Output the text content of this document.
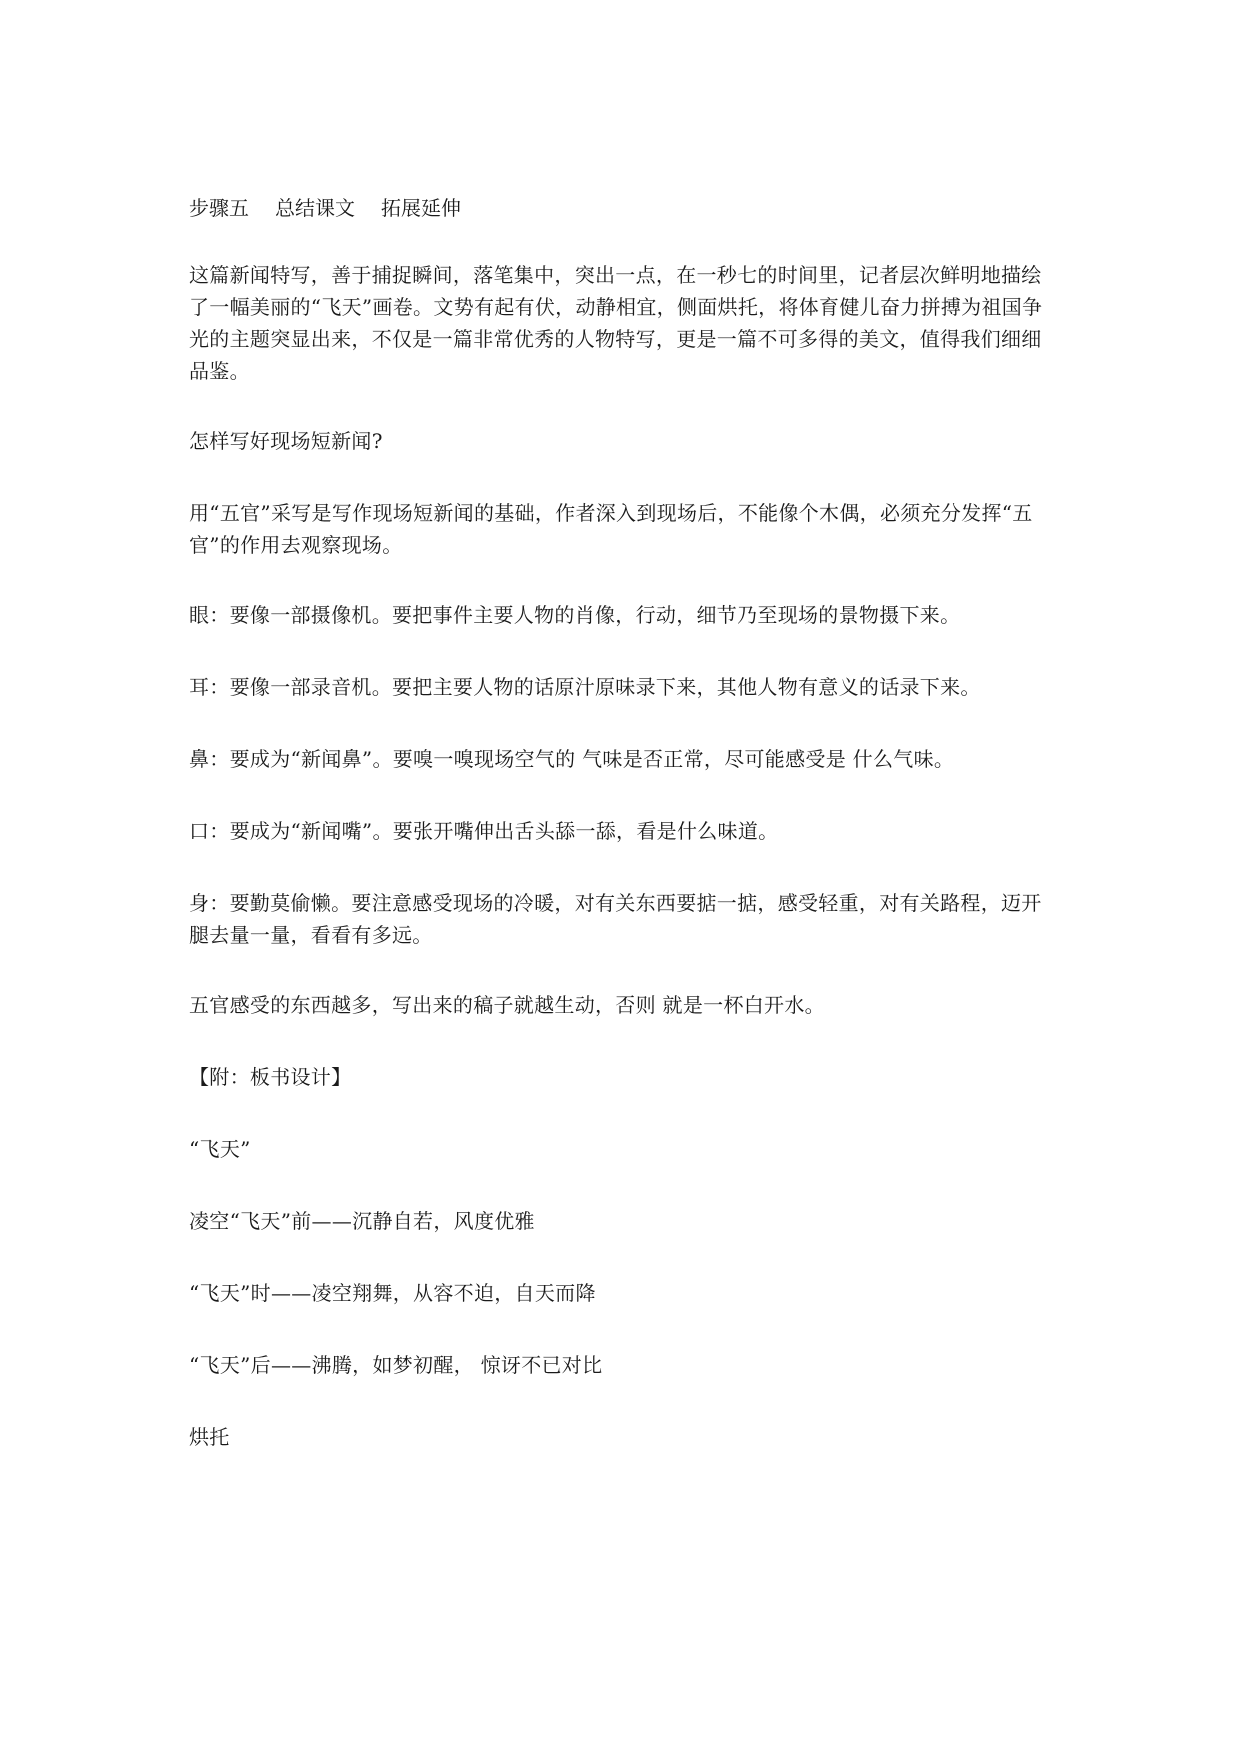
步骤五 总结课文 拓展延伸

这篇新闻特写，善于捕捉瞬间，落笔集中，突出一点，在一秒七的时间里，记者层次鲜明地描绘了一幅美丽的“飞天”画卷。文势有起有伏，动静相宜，侧面烘托，将体育健儿奋力拼搏为祖国争光的主题突显出来，不仅是一篇非常优秀的人物特写，更是一篇不可多得的美文，值得我们细细品鉴。

怎样写好现场短新闻?

用“五官”采写是写作现场短新闻的基础，作者深入到现场后，不能像个木偶，必须充分发挥“五官”的作用去观察现场。

眼：要像一部摄像机。要把事件主要人物的肖像，行动，细节乃至现场的景物摄下来。

耳：要像一部录音机。要把主要人物的话原汁原味录下来，其他人物有意义的话录下来。

鼻：要成为“新闻鼻”。要嗅一嗅现场空气的 气味是否正常，尽可能感受是 什么气味。

口：要成为“新闻嘴”。要张开嘴伸出舌头舔一舔，看是什么味道。

身：要勤莫偷懒。要注意感受现场的冷暖，对有关东西要掂一掂，感受轻重，对有关路程，迈开腿去量一量，看看有多远。

五官感受的东西越多，写出来的稿子就越生动，否则 就是一杯白开水。

【附：板书设计】

“飞天”

凌空“飞天”前——沉静自若，风度优雅

“飞天”时——凌空翔舞，从容不迫，自天而降

“飞天”后——沸腾，如梦初醒， 惊讶不已对比

烘托
